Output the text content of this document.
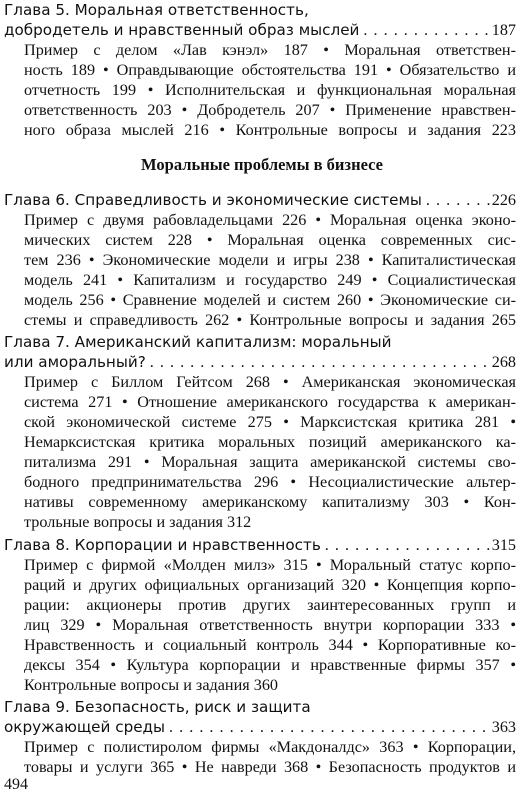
Глава 5. Моральная ответственность,
добродетель и нравственный образ мыслей . . .	187
Пример с делом «Лав кэнэл» 187 • Моральная ответствен-
ность 189 • Оправдывающие обстоятельства 191 • Обязательство и
отчетность 199 • Исполнительская и функциональная моральная
ответственность 203 • Добродетель 207 • Применение нравствен-
ного образа мыслей 216 • Контрольные вопросы и задания 223
Моральные проблемы в бизнесе
Глава 6. Справедливость и экономические системы . . .	226
Пример с двумя рабовладельцами 226 • Моральная оценка эконо-
мических систем 228 • Моральная оценка современных сис-
тем 236 • Экономические модели и игры 238 • Капиталистическая
модель 241 • Капитализм и государство 249 • Социалистическая
модель 256 • Сравнение моделей и систем 260 • Экономические си-
стемы и справедливость 262 • Контрольные вопросы и задания 265
Глава 7. Американский капитализм: моральный
или аморальный? . . .	268
Пример с Биллом Гейтсом 268 • Американская экономическая
система 271 • Отношение американского государства к американ-
ской экономической системе 275 • Марксистская критика 281 •
Немарксистская критика моральных позиций американского ка-
питализма 291 • Моральная защита американской системы сво-
бодного предпринимательства 296 • Несоциалистические альтер-
нативы современному американскому капитализму 303 • Кон-
трольные вопросы и задания 312
Глава 8. Корпорации и нравственность . . .	315
Пример с фирмой «Молден милз» 315 • Моральный статус корпо-
раций и других официальных организаций 320 • Концепция корпо-
рации: акционеры против других заинтересованных групп и
лиц 329 • Моральная ответственность внутри корпорации 333 •
Нравственность и социальный контроль 344 • Корпоративные ко-
дексы 354 • Культура корпорации и нравственные фирмы 357 •
Контрольные вопросы и задания 360
Глава 9. Безопасность, риск и защита
окружающей среды . . .	363
Пример с полистиролом фирмы «Макдоналдс» 363 • Корпорации,
товары и услуги 365 • Не навреди 368 • Безопасность продуктов и
494
